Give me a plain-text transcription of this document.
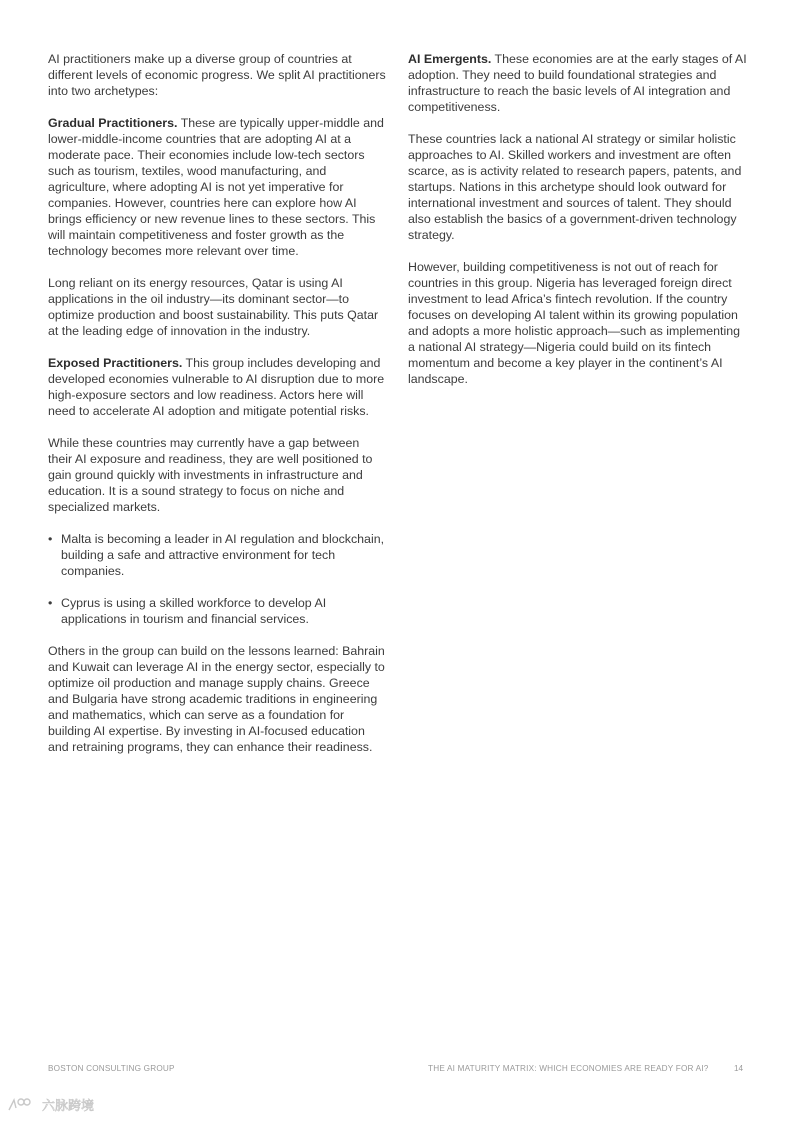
AI practitioners make up a diverse group of countries at different levels of economic progress. We split AI practitioners into two archetypes:

Gradual Practitioners. These are typically upper-middle and lower-middle-income countries that are adopting AI at a moderate pace. Their economies include low-tech sectors such as tourism, textiles, wood manufacturing, and agriculture, where adopting AI is not yet imperative for companies. However, countries here can explore how AI brings efficiency or new revenue lines to these sectors. This will maintain competitiveness and foster growth as the technology becomes more relevant over time.

Long reliant on its energy resources, Qatar is using AI applications in the oil industry—its dominant sector—to optimize production and boost sustainability. This puts Qatar at the leading edge of innovation in the industry.

Exposed Practitioners. This group includes developing and developed economies vulnerable to AI disruption due to more high-exposure sectors and low readiness. Actors here will need to accelerate AI adoption and mitigate potential risks.

While these countries may currently have a gap between their AI exposure and readiness, they are well positioned to gain ground quickly with investments in infrastructure and education. It is a sound strategy to focus on niche and specialized markets.

• Malta is becoming a leader in AI regulation and blockchain, building a safe and attractive environment for tech companies.
• Cyprus is using a skilled workforce to develop AI applications in tourism and financial services.

Others in the group can build on the lessons learned: Bahrain and Kuwait can leverage AI in the energy sector, especially to optimize oil production and manage supply chains. Greece and Bulgaria have strong academic traditions in engineering and mathematics, which can serve as a foundation for building AI expertise. By investing in AI-focused education and retraining programs, they can enhance their readiness.

AI Emergents. These economies are at the early stages of AI adoption. They need to build foundational strategies and infrastructure to reach the basic levels of AI integration and competitiveness.

These countries lack a national AI strategy or similar holistic approaches to AI. Skilled workers and investment are often scarce, as is activity related to research papers, patents, and startups. Nations in this archetype should look outward for international investment and sources of talent. They should also establish the basics of a government-driven technology strategy.

However, building competitiveness is not out of reach for countries in this group. Nigeria has leveraged foreign direct investment to lead Africa’s fintech revolution. If the country focuses on developing AI talent within its growing population and adopts a more holistic approach—such as implementing a national AI strategy—Nigeria could build on its fintech momentum and become a key player in the continent’s AI landscape.

BOSTON CONSULTING GROUP	THE AI MATURITY MATRIX: WHICH ECONOMIES ARE READY FOR AI?	14
六脉跨境
